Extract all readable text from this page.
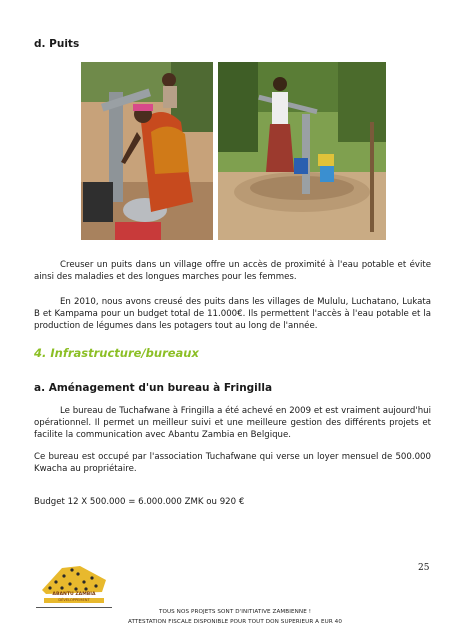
d. Puits

Creuser un puits dans un village offre un accès de proximité à l'eau potable et évite ainsi des maladies et des longues marches pour les femmes.

En 2010, nous avons creusé des puits dans les villages de Mululu, Luchatano, Lukata B et Kampama pour un budget total de 11.000€. Ils permettent l'accès à l'eau potable et la production de légumes dans les potagers tout au long de l'année.

4. Infrastructure/bureaux
a. Aménagement d'un bureau à Fringilla

Le bureau de Tuchafwane à Fringilla a été achevé en 2009 et est vraiment aujourd'hui opérationnel. Il permet un meilleur suivi et une meilleure gestion des différents projets et facilite la communication avec Abantu Zambia en Belgique.

Ce bureau est occupé par l'association Tuchafwane qui verse un loyer mensuel de 500.000 Kwacha au propriétaire.

Budget 12 X 500.000 = 6.000.000 ZMK ou 920 €

25
ABANTU ZAMBIA
DÉVELOPPEMENT
TOUS NOS PROJETS SONT D'INITIATIVE ZAMBIENNE !
ATTESTATION FISCALE DISPONIBLE POUR TOUT DON SUPERIEUR A EUR 40
